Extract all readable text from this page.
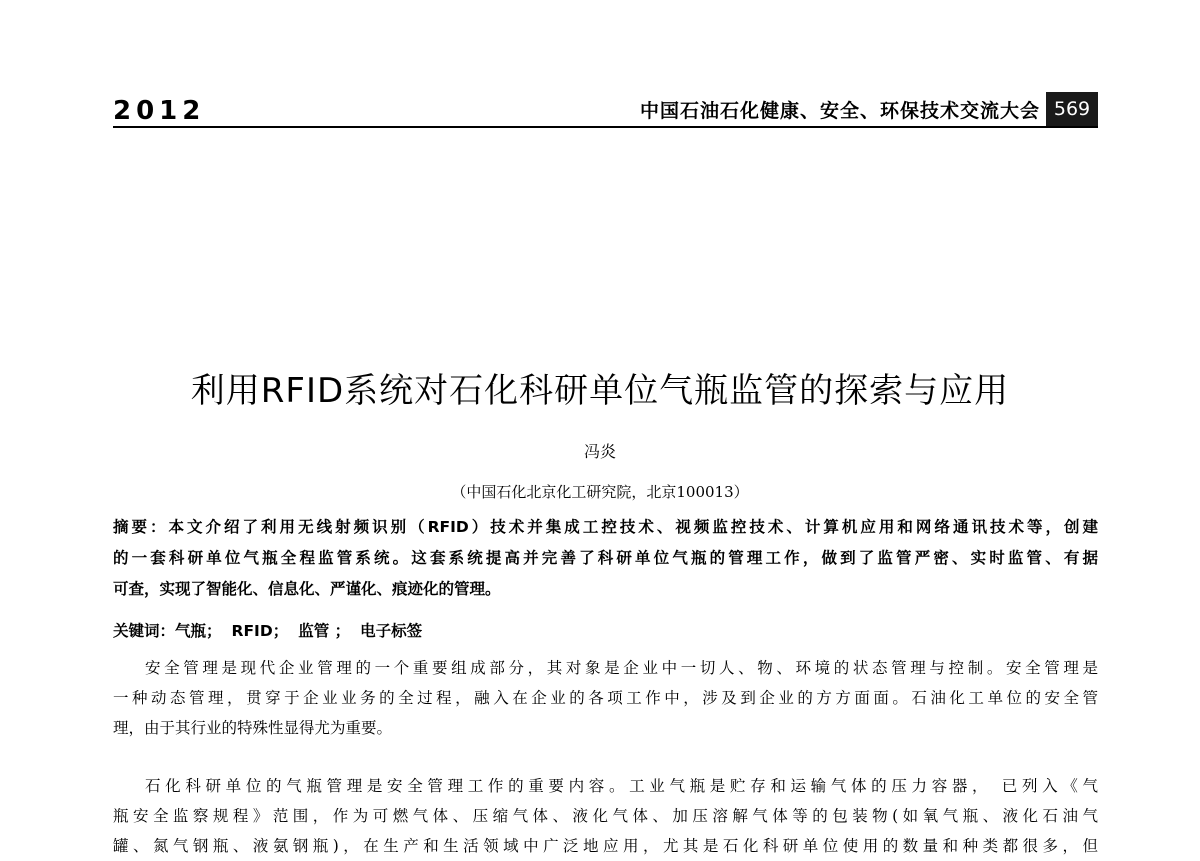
2012	中国石油石化健康、安全、环保技术交流大会 569
利用RFID系统对石化科研单位气瓶监管的探索与应用
冯炎
（中国石化北京化工研究院，北京100013）
摘要：本文介绍了利用无线射频识别（RFID）技术并集成工控技术、视频监控技术、计算机应用和网络通讯技术等，创建
的一套科研单位气瓶全程监管系统。这套系统提高并完善了科研单位气瓶的管理工作，做到了监管严密、实时监管、有据
可查，实现了智能化、信息化、严谨化、痕迹化的管理。
关键词：气瓶； RFID； 监管 ； 电子标签
安全管理是现代企业管理的一个重要组成部分，其对象是企业中一切人、物、环境的状态管理与控制。安全管理是
一种动态管理，贯穿于企业业务的全过程，融入在企业的各项工作中，涉及到企业的方方面面。石油化工单位的安全管
理，由于其行业的特殊性显得尤为重要。
石化科研单位的气瓶管理是安全管理工作的重要内容。工业气瓶是贮存和运输气体的压力容器， 已列入《气
瓶安全监察规程》范围，作为可燃气体、压缩气体、液化气体、加压溶解气体等的包装物(如氧气瓶、液化石油气
罐、氮气钢瓶、液氨钢瓶)，在生产和生活领域中广泛地应用，尤其是石化科研单位使用的数量和种类都很多，但
